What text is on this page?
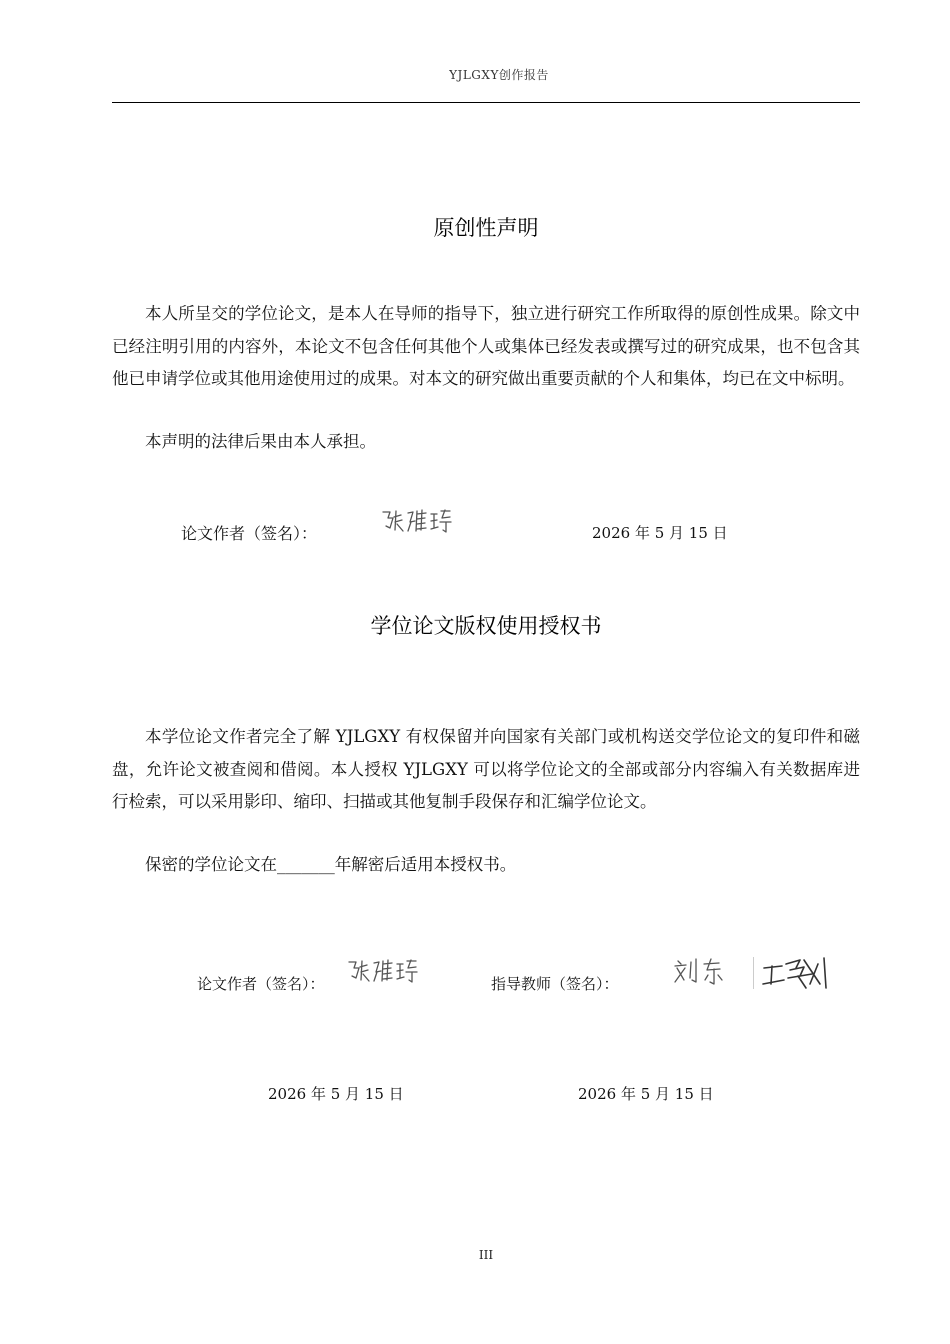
YJLGXY创作报告
原创性声明

本人所呈交的学位论文，是本人在导师的指导下，独立进行研究工作所取得的原创性成果。除文中已经注明引用的内容外，本论文不包含任何其他个人或集体已经发表或撰写过的研究成果，也不包含其他已申请学位或其他用途使用过的成果。对本文的研究做出重要贡献的个人和集体，均已在文中标明。

本声明的法律后果由本人承担。

论文作者（签名）：	2026 年 5 月 15 日
学位论文版权使用授权书

本学位论文作者完全了解 YJLGXY 有权保留并向国家有关部门或机构送交学位论文的复印件和磁盘，允许论文被查阅和借阅。本人授权 YJLGXY 可以将学位论文的全部或部分内容编入有关数据库进行检索，可以采用影印、缩印、扫描或其他复制手段保存和汇编学位论文。

保密的学位论文在_______年解密后适用本授权书。

论文作者（签名）：	指导教师（签名）：
2026 年 5 月 15 日	2026 年 5 月 15 日
III
